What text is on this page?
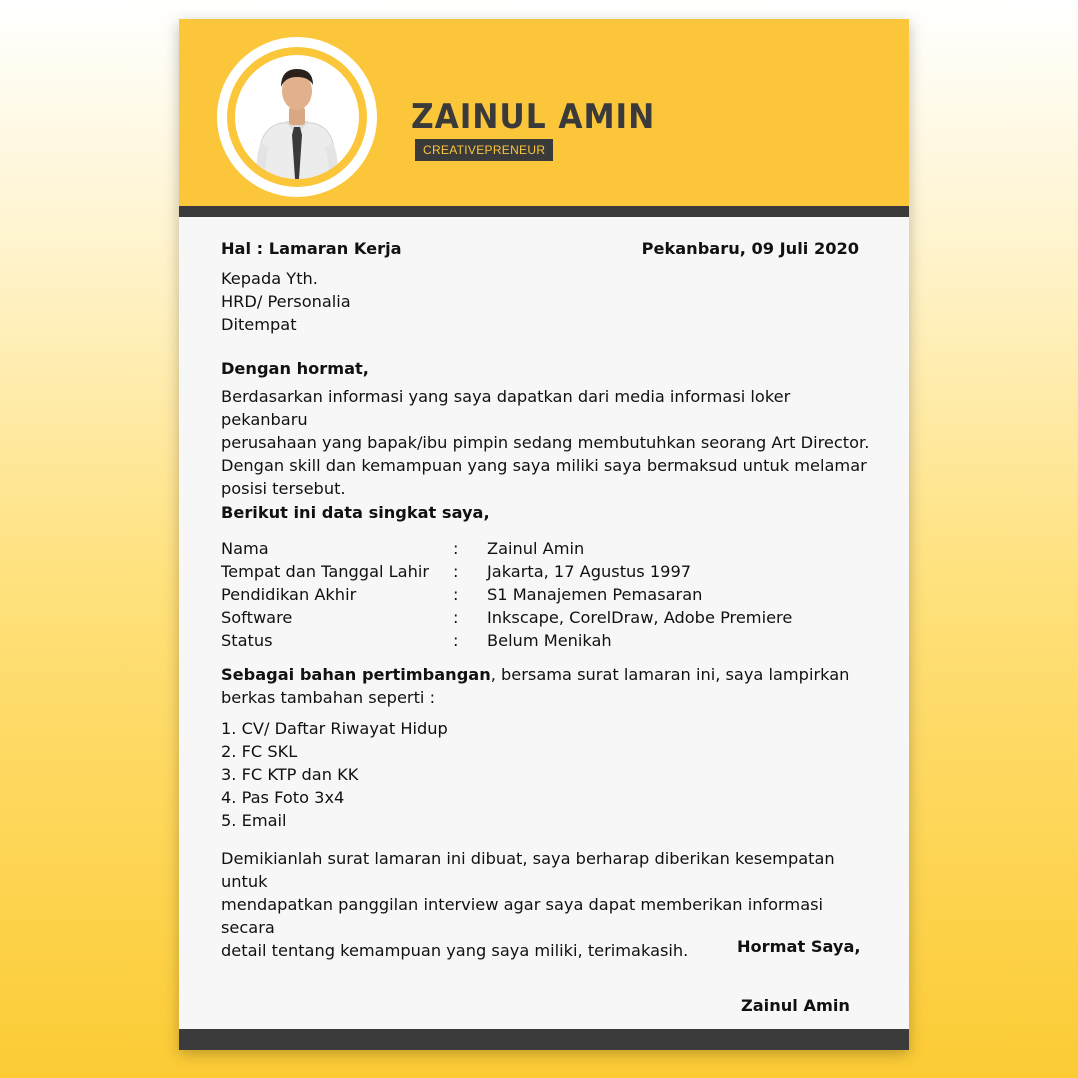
ZAINUL AMIN
CREATIVEPRENEUR
Hal : Lamaran Kerja	Pekanbaru, 09 Juli 2020
Kepada Yth.
HRD/ Personalia
Ditempat
Dengan hormat,
Berdasarkan informasi yang saya dapatkan dari media informasi loker pekanbaru
perusahaan yang bapak/ibu pimpin sedang membutuhkan seorang Art Director.
Dengan skill dan kemampuan yang saya miliki saya bermaksud untuk melamar
posisi tersebut.
Berikut ini data singkat saya,
Nama	: Zainul Amin
Tempat dan Tanggal Lahir : Jakarta, 17 Agustus 1997
Pendidikan Akhir	: S1 Manajemen Pemasaran
Software	: Inkscape, CorelDraw, Adobe Premiere
Status	: Belum Menikah
Sebagai bahan pertimbangan, bersama surat lamaran ini, saya lampirkan
berkas tambahan seperti :
1. CV/ Daftar Riwayat Hidup
2. FC SKL
3. FC KTP dan KK
4. Pas Foto 3x4
5. Email
Demikianlah surat lamaran ini dibuat, saya berharap diberikan kesempatan untuk
mendapatkan panggilan interview agar saya dapat memberikan informasi secara
detail tentang kemampuan yang saya miliki, terimakasih.	Hormat Saya,
Zainul Amin
